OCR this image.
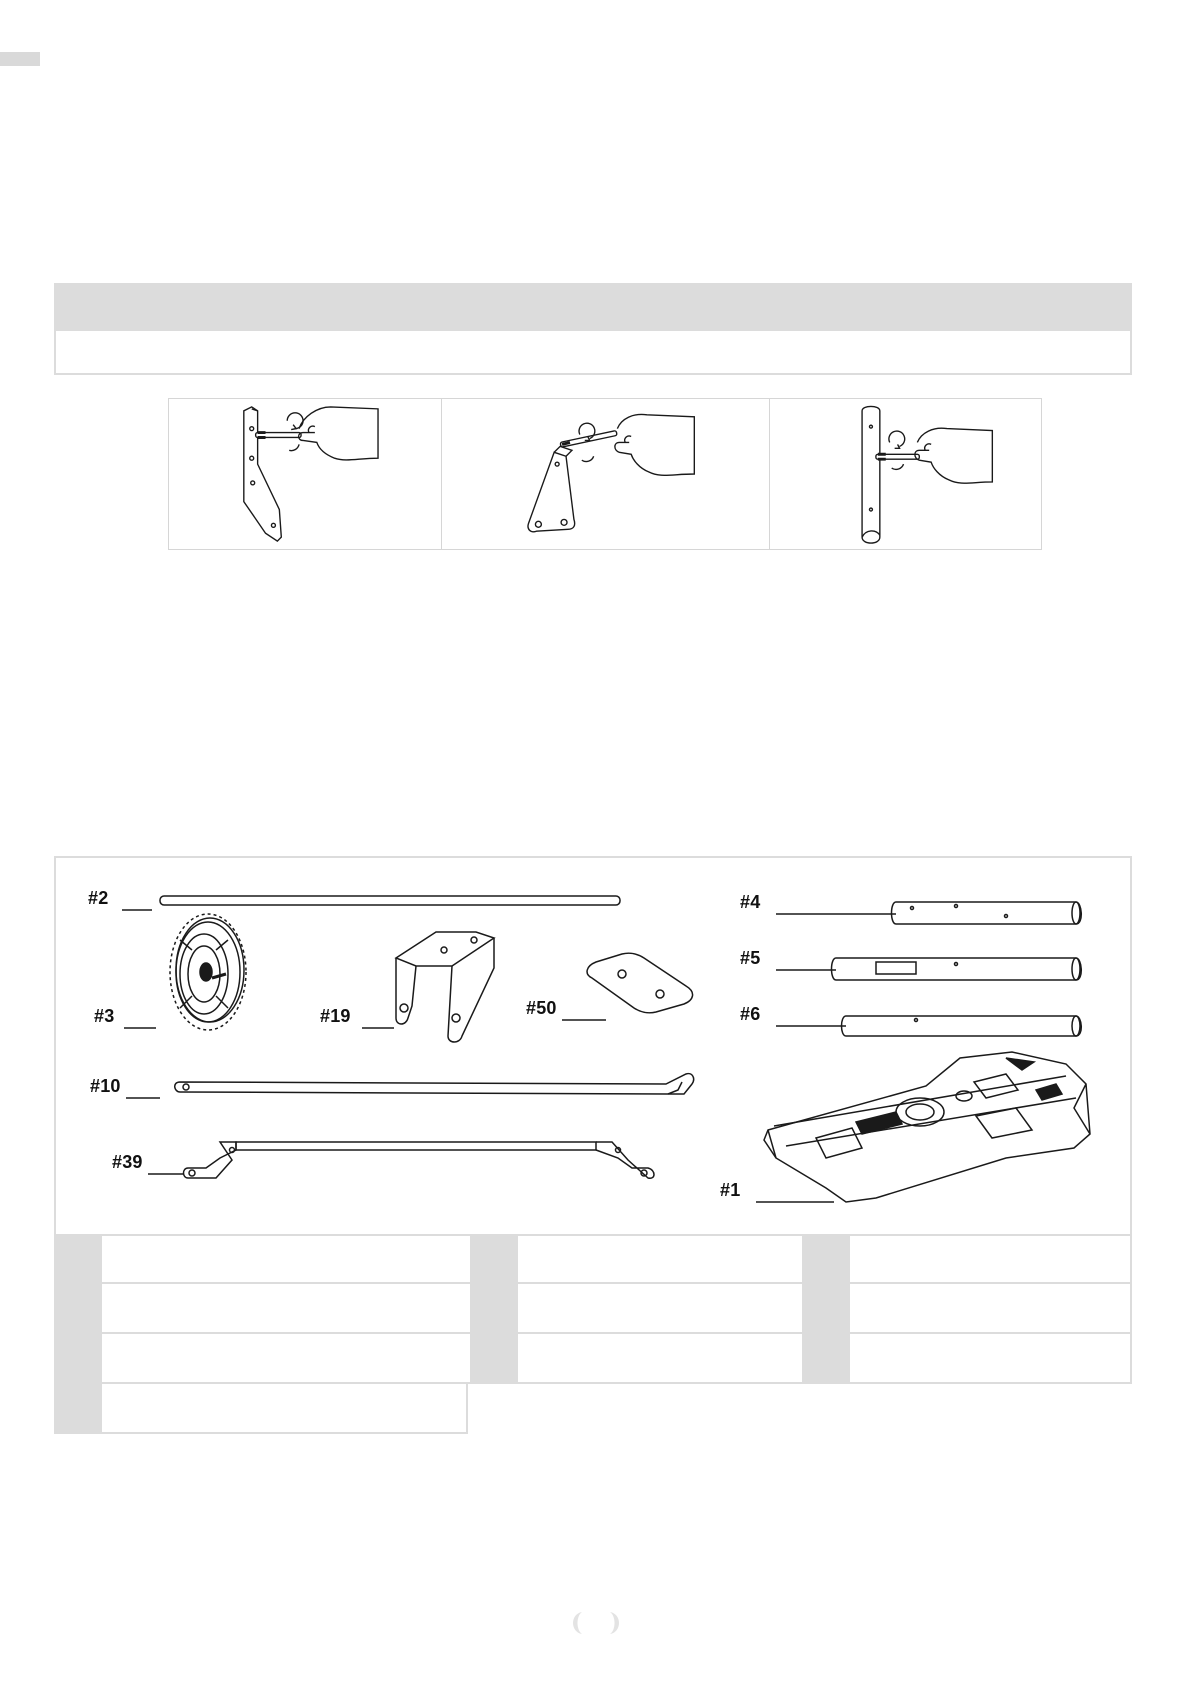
#2
#3	#19	#50
#10
#39
#4
#5
#6
#1
